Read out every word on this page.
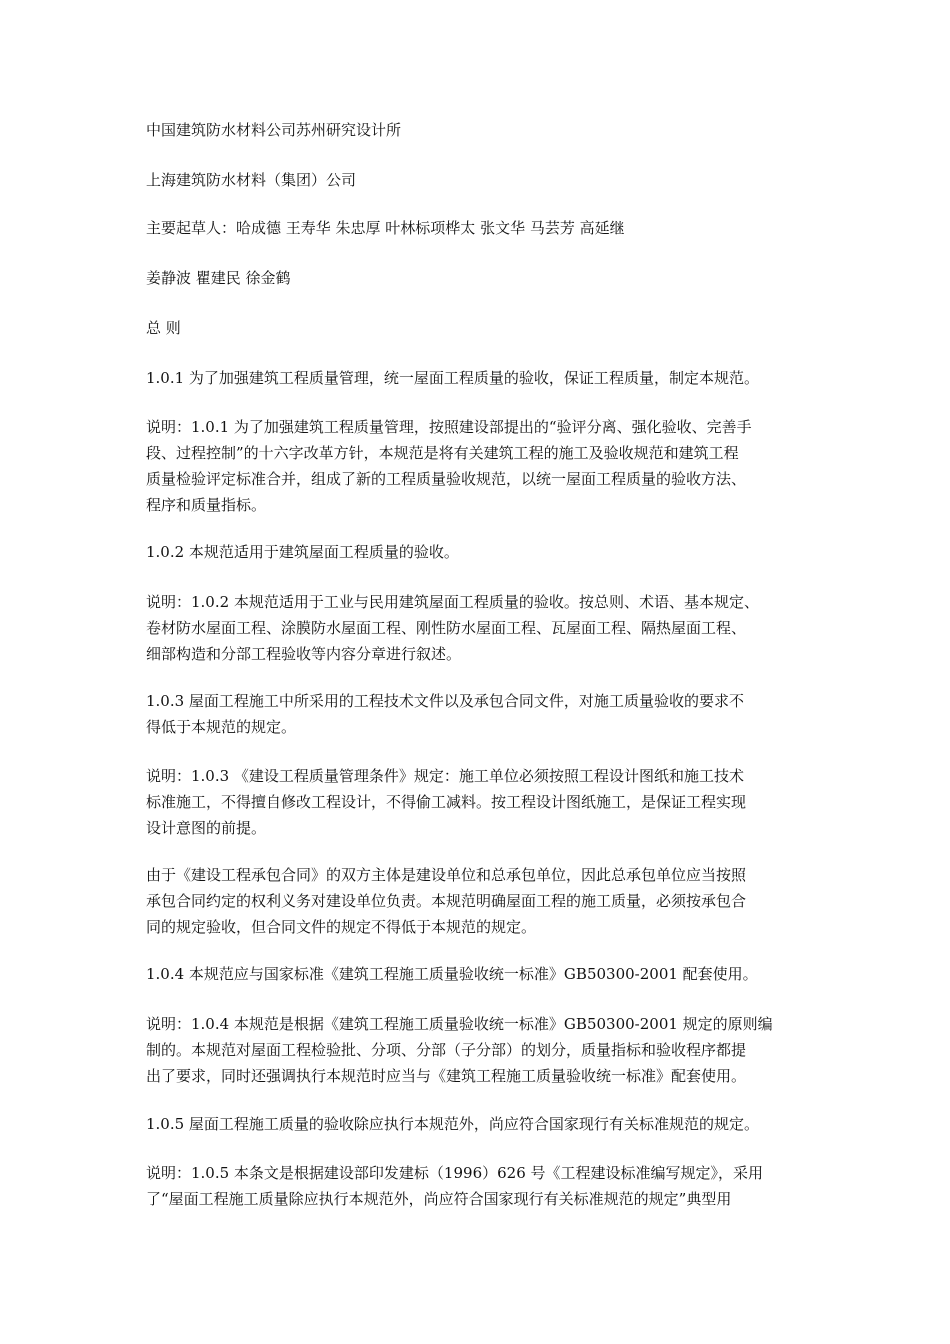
中国建筑防水材料公司苏州研究设计所
上海建筑防水材料（集团）公司
主要起草人：哈成德 王寿华 朱忠厚 叶林标项桦太 张文华 马芸芳 高延继
姜静波 瞿建民 徐金鹤
总 则
1.0.1 为了加强建筑工程质量管理，统一屋面工程质量的验收，保证工程质量，制定本规范。
说明：1.0.1 为了加强建筑工程质量管理，按照建设部提出的“验评分离、强化验收、完善手
段、过程控制”的十六字改革方针，本规范是将有关建筑工程的施工及验收规范和建筑工程
质量检验评定标准合并，组成了新的工程质量验收规范，以统一屋面工程质量的验收方法、
程序和质量指标。
1.0.2 本规范适用于建筑屋面工程质量的验收。
说明：1.0.2 本规范适用于工业与民用建筑屋面工程质量的验收。按总则、术语、基本规定、
卷材防水屋面工程、涂膜防水屋面工程、刚性防水屋面工程、瓦屋面工程、隔热屋面工程、
细部构造和分部工程验收等内容分章进行叙述。
1.0.3 屋面工程施工中所采用的工程技术文件以及承包合同文件，对施工质量验收的要求不
得低于本规范的规定。
说明：1.0.3 《建设工程质量管理条件》规定：施工单位必须按照工程设计图纸和施工技术
标准施工，不得擅自修改工程设计，不得偷工减料。按工程设计图纸施工，是保证工程实现
设计意图的前提。
由于《建设工程承包合同》的双方主体是建设单位和总承包单位，因此总承包单位应当按照
承包合同约定的权利义务对建设单位负责。本规范明确屋面工程的施工质量，必须按承包合
同的规定验收，但合同文件的规定不得低于本规范的规定。
1.0.4 本规范应与国家标准《建筑工程施工质量验收统一标准》GB50300-2001 配套使用。
说明：1.0.4 本规范是根据《建筑工程施工质量验收统一标准》GB50300-2001 规定的原则编
制的。本规范对屋面工程检验批、分项、分部（子分部）的划分，质量指标和验收程序都提
出了要求，同时还强调执行本规范时应当与《建筑工程施工质量验收统一标准》配套使用。
1.0.5 屋面工程施工质量的验收除应执行本规范外，尚应符合国家现行有关标准规范的规定。
说明：1.0.5 本条文是根据建设部印发建标（1996）626 号《工程建设标准编写规定》，采用
了“屋面工程施工质量除应执行本规范外，尚应符合国家现行有关标准规范的规定”典型用
